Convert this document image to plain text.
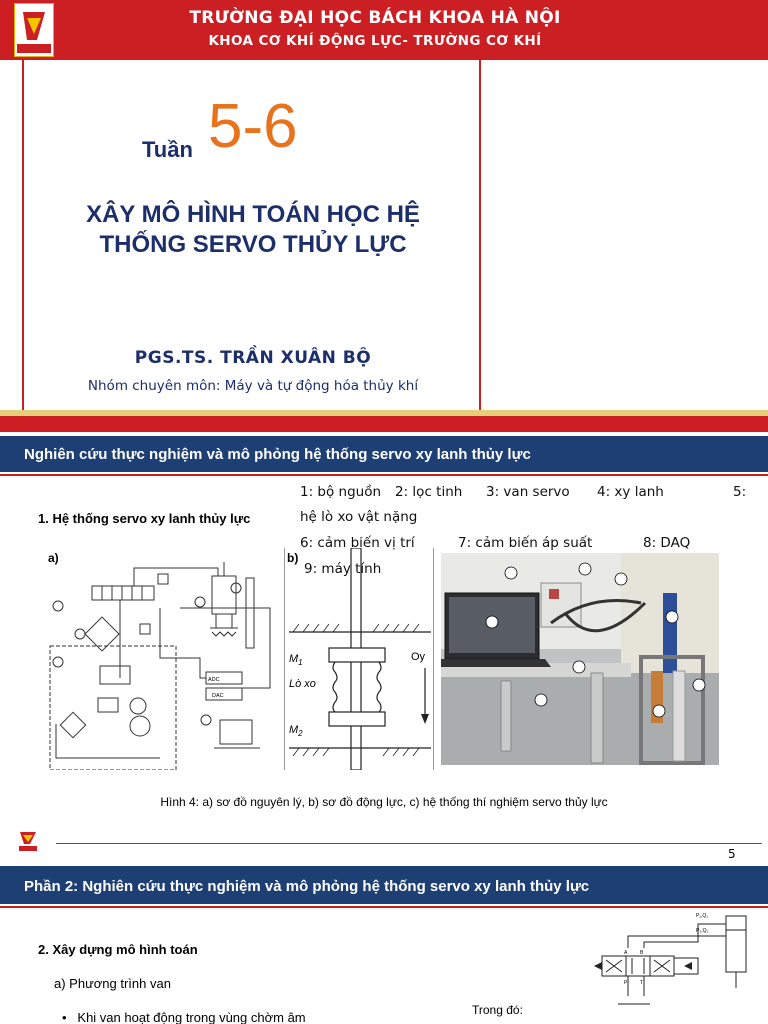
TRƯỜNG ĐẠI HỌC BÁCH KHOA HÀ NỘI
KHOA CƠ KHÍ ĐỘNG LỰC- TRƯỜNG CƠ KHÍ
Tuần 5-6
XÂY MÔ HÌNH TOÁN HỌC HỆ
THỐNG SERVO THỦY LỰC
PGS.TS. TRẦN XUÂN BỘ
Nhóm chuyên môn: Máy và tự động hóa thủy khí
Nghiên cứu thực nghiệm và mô phỏng hệ thống servo xy lanh thủy lực
1. Hệ thống servo xy lanh thủy lực
1: bộ nguồn 2: lọc tinh 3: van servo 4: xy lanh	5:
hệ lò xo vật nặng
6: cảm biến vị trí	7: cảm biến áp suất	8: DAQ
9: máy tính
a)
ADC
DAC
b)
$M_1$
Lò xo
Oy
$M_2$
Hình 4: a) sơ đồ nguyên lý, b) sơ đồ động lực, c) hệ thống thí nghiệm servo thủy lực
5
Phần 2: Nghiên cứu thực nghiệm và mô phỏng hệ thống servo xy lanh thủy lực
2. Xây dựng mô hình toán
a) Phương trình van
• Khi van hoạt động trong vùng chờm âm	Trong đó:
P₁,Q₁
P₂,Q₂
A	B
P	T
